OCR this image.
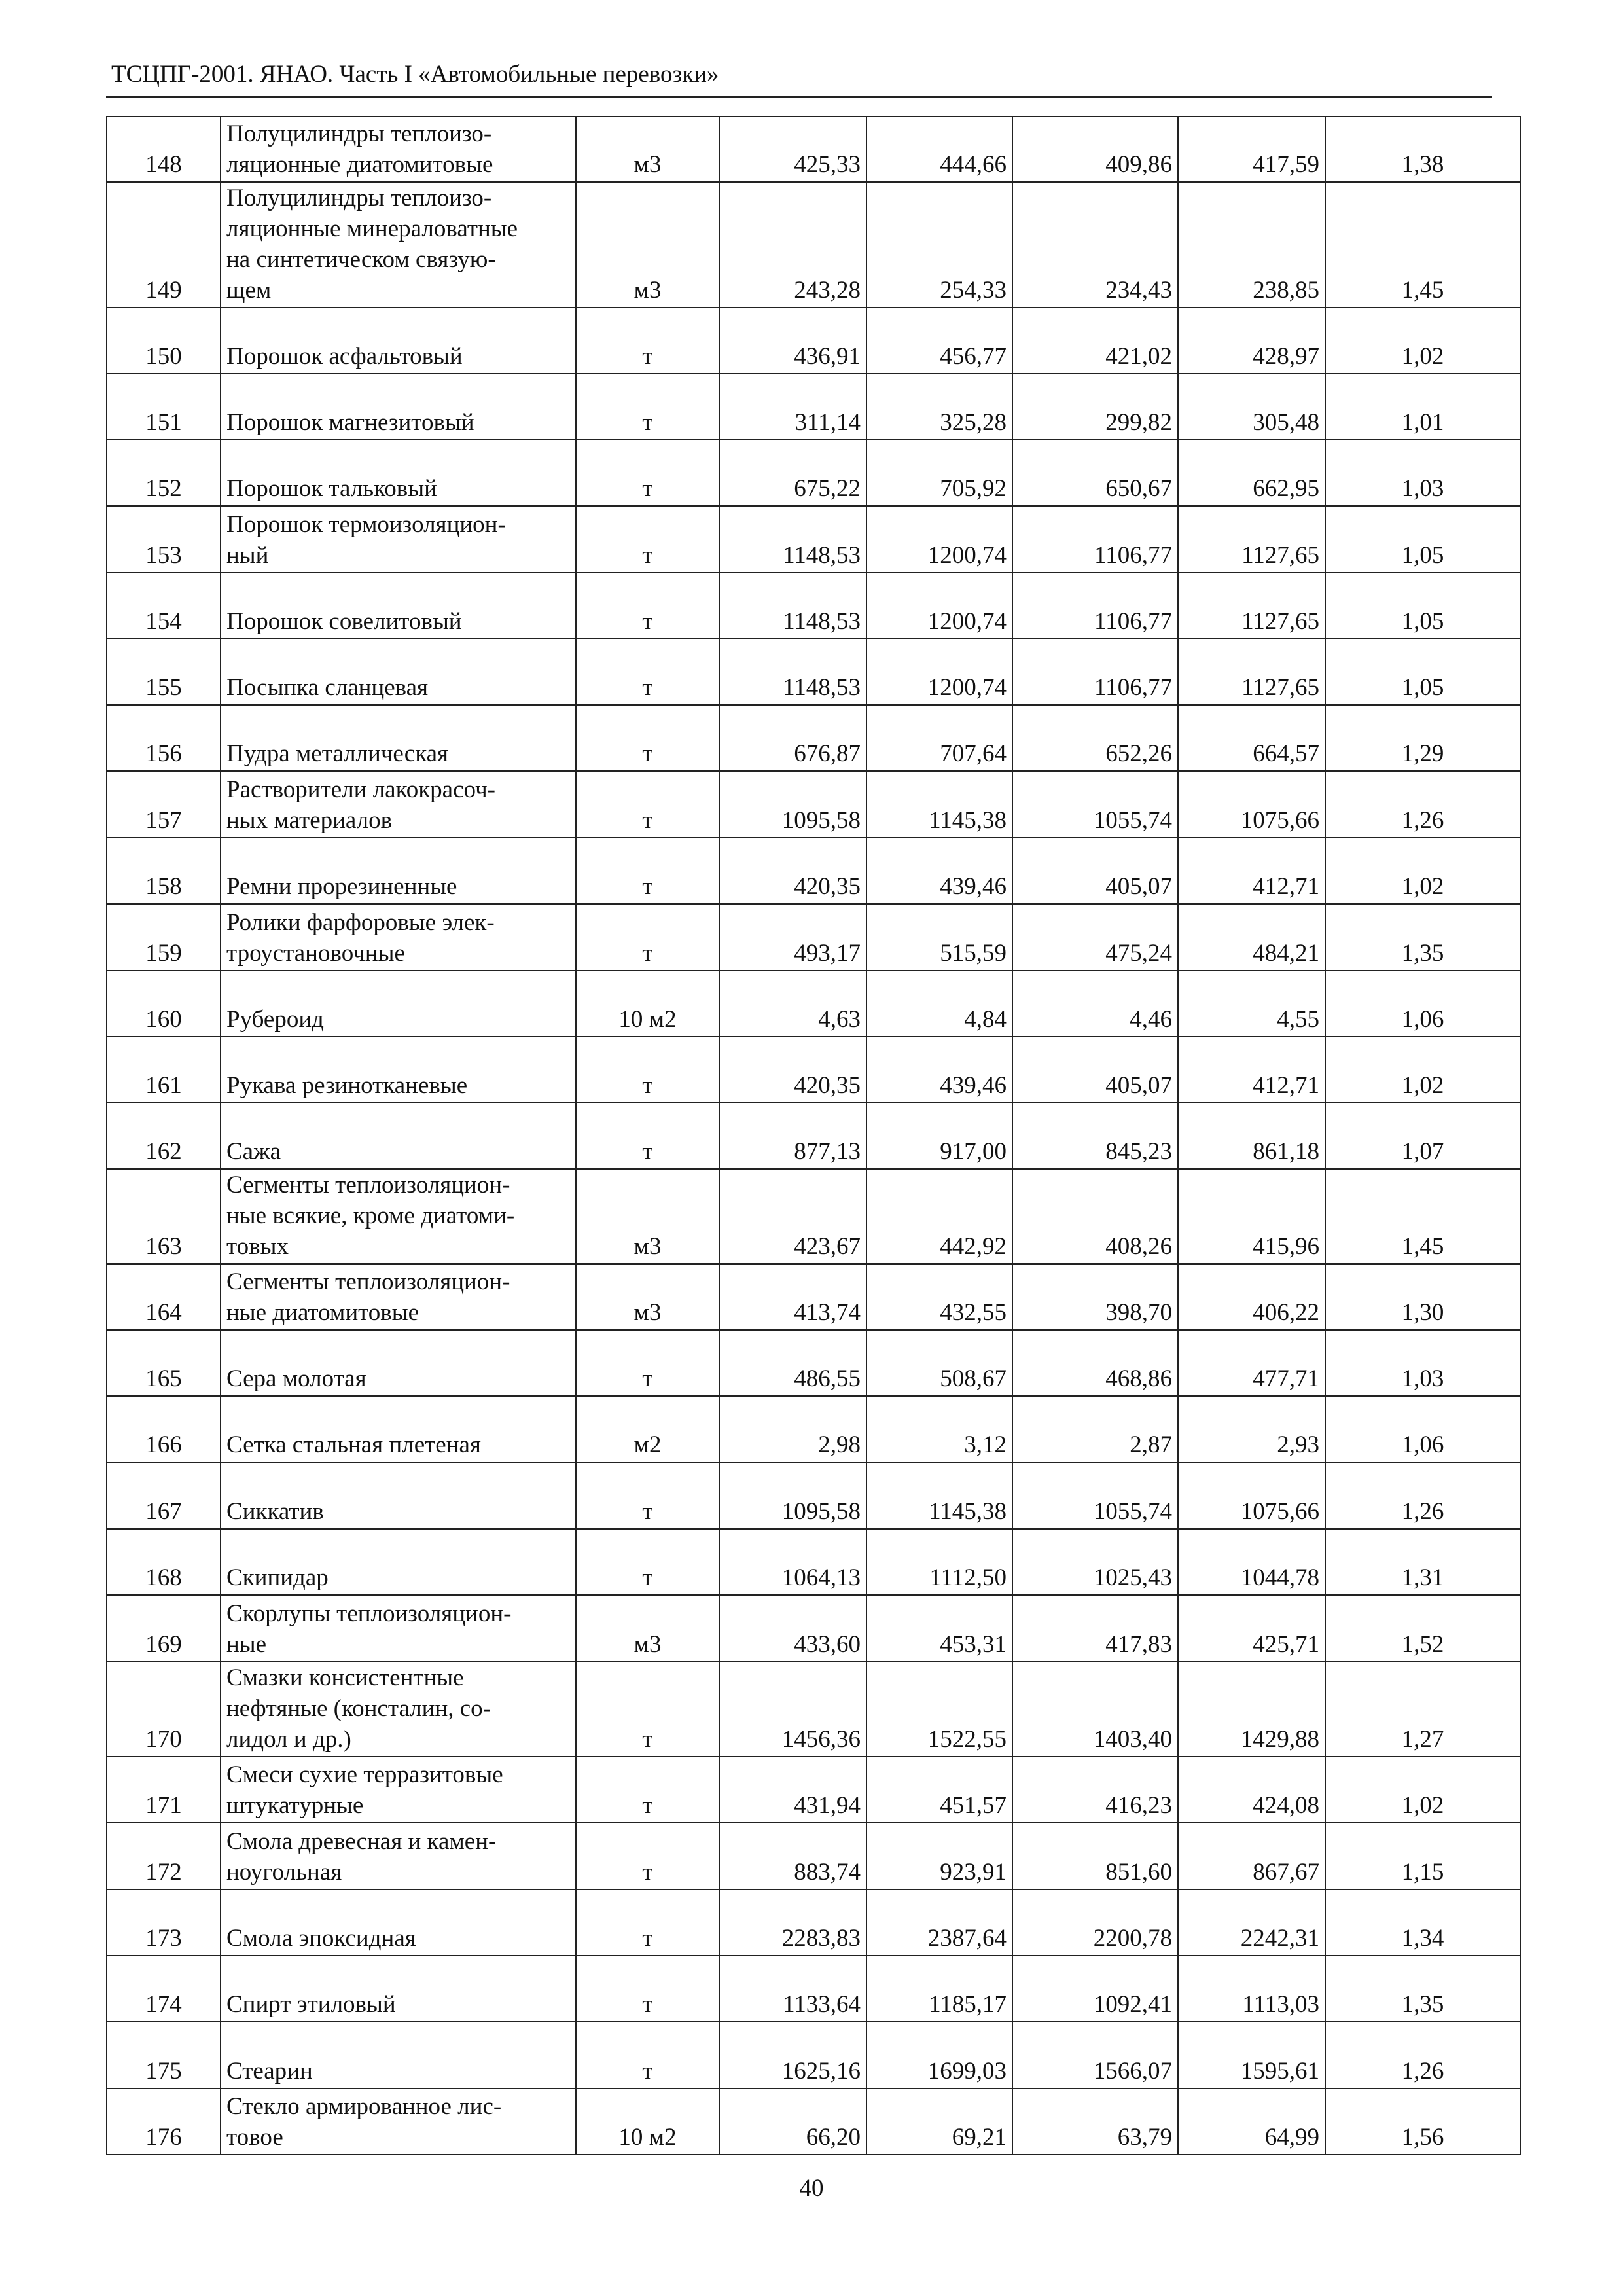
ТСЦПГ-2001. ЯНАО. Часть I «Автомобильные перевозки»
148	Полуцилиндры теплоизо-
ляционные диатомитовые	м3	425,33	444,66	409,86	417,59	1,38
149	Полуцилиндры теплоизо-
ляционные минераловатные
на синтетическом связую-
щем	м3	243,28	254,33	234,43	238,85	1,45
150	Порошок асфальтовый	т	436,91	456,77	421,02	428,97	1,02
151	Порошок магнезитовый	т	311,14	325,28	299,82	305,48	1,01
152	Порошок тальковый	т	675,22	705,92	650,67	662,95	1,03
153	Порошок термоизоляцион-
ный	т	1148,53	1200,74	1106,77	1127,65	1,05
154	Порошок совелитовый	т	1148,53	1200,74	1106,77	1127,65	1,05
155	Посыпка сланцевая	т	1148,53	1200,74	1106,77	1127,65	1,05
156	Пудра металлическая	т	676,87	707,64	652,26	664,57	1,29
157	Растворители лакокрасоч-
ных материалов	т	1095,58	1145,38	1055,74	1075,66	1,26
158	Ремни прорезиненные	т	420,35	439,46	405,07	412,71	1,02
159	Ролики фарфоровые элек-
троустановочные	т	493,17	515,59	475,24	484,21	1,35
160	Рубероид	10 м2	4,63	4,84	4,46	4,55	1,06
161	Рукава резинотканевые	т	420,35	439,46	405,07	412,71	1,02
162	Сажа	т	877,13	917,00	845,23	861,18	1,07
163	Сегменты теплоизоляцион-
ные всякие, кроме диатоми-
товых	м3	423,67	442,92	408,26	415,96	1,45
164	Сегменты теплоизоляцион-
ные диатомитовые	м3	413,74	432,55	398,70	406,22	1,30
165	Сера молотая	т	486,55	508,67	468,86	477,71	1,03
166	Сетка стальная плетеная	м2	2,98	3,12	2,87	2,93	1,06
167	Сиккатив	т	1095,58	1145,38	1055,74	1075,66	1,26
168	Скипидар	т	1064,13	1112,50	1025,43	1044,78	1,31
169	Скорлупы теплоизоляцион-
ные	м3	433,60	453,31	417,83	425,71	1,52
170	Смазки консистентные
нефтяные (консталин, со-
лидол и др.)	т	1456,36	1522,55	1403,40	1429,88	1,27
171	Смеси сухие терразитовые
штукатурные	т	431,94	451,57	416,23	424,08	1,02
172	Смола древесная и камен-
ноугольная	т	883,74	923,91	851,60	867,67	1,15
173	Смола эпоксидная	т	2283,83	2387,64	2200,78	2242,31	1,34
174	Спирт этиловый	т	1133,64	1185,17	1092,41	1113,03	1,35
175	Стеарин	т	1625,16	1699,03	1566,07	1595,61	1,26
176	Стекло армированное лис-
товое	10 м2	66,20	69,21	63,79	64,99	1,56
40
